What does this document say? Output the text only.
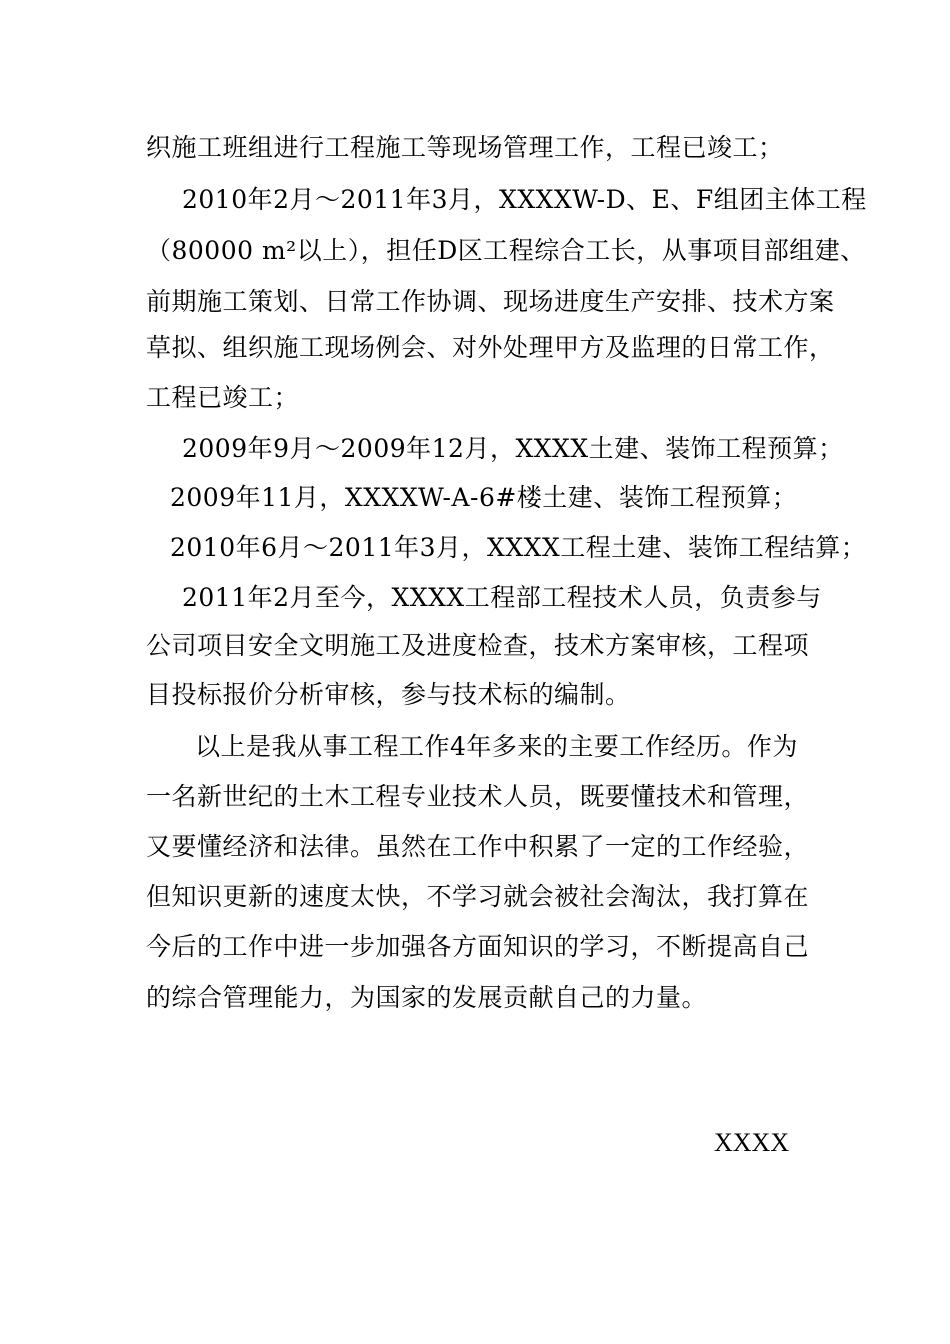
织施工班组进行工程施工等现场管理工作，工程已竣工；
2010年2月～2011年3月，XXXXW-D、E、F组团主体工程
（80000 m²以上），担任D区工程综合工长，从事项目部组建、
前期施工策划、日常工作协调、现场进度生产安排、技术方案
草拟、组织施工现场例会、对外处理甲方及监理的日常工作，
工程已竣工；
2009年9月～2009年12月，XXXX土建、装饰工程预算；
2009年11月，XXXXW-A-6#楼土建、装饰工程预算；
2010年6月～2011年3月，XXXX工程土建、装饰工程结算；
2011年2月至今，XXXX工程部工程技术人员，负责参与
公司项目安全文明施工及进度检查，技术方案审核，工程项
目投标报价分析审核，参与技术标的编制。
以上是我从事工程工作4年多来的主要工作经历。作为
一名新世纪的土木工程专业技术人员，既要懂技术和管理，
又要懂经济和法律。虽然在工作中积累了一定的工作经验，
但知识更新的速度太快，不学习就会被社会淘汰，我打算在
今后的工作中进一步加强各方面知识的学习，不断提高自己
的综合管理能力，为国家的发展贡献自己的力量。
XXXX
